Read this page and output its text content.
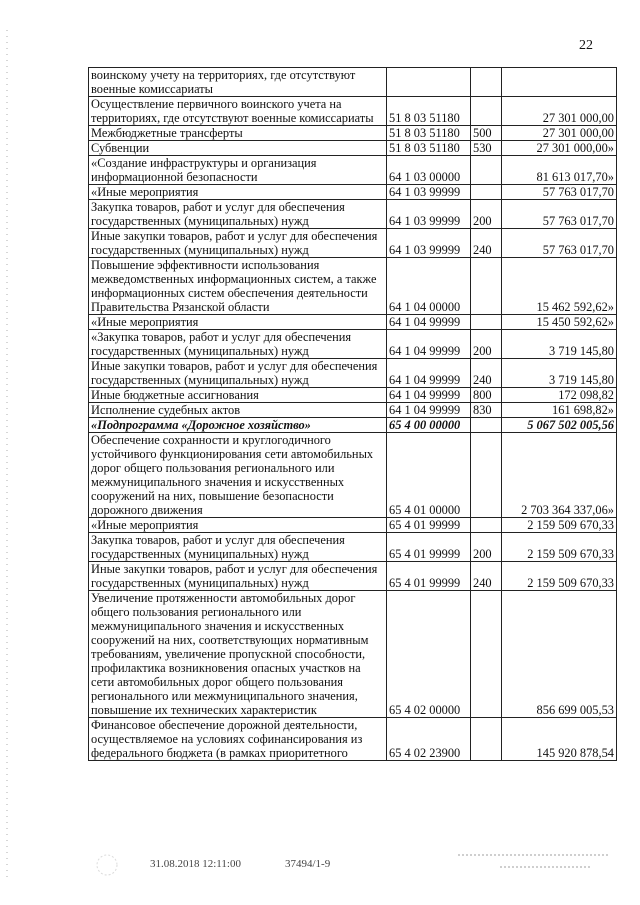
22
воинскому учету на территориях, где отсутствуют военные комиссариаты			
Осуществление первичного воинского учета на территориях, где отсутствуют военные комиссариаты	51 8 03 51180		27 301 000,00
Межбюджетные трансферты	51 8 03 51180	500	27 301 000,00
Субвенции	51 8 03 51180	530	27 301 000,00»
«Создание инфраструктуры и организация информационной безопасности	64 1 03 00000		81 613 017,70»
«Иные мероприятия	64 1 03 99999		57 763 017,70
Закупка товаров, работ и услуг для обеспечения государственных (муниципальных) нужд	64 1 03 99999	200	57 763 017,70
Иные закупки товаров, работ и услуг для обеспечения государственных (муниципальных) нужд	64 1 03 99999	240	57 763 017,70
Повышение эффективности использования межведомственных информационных систем, а также информационных систем обеспечения деятельности Правительства Рязанской области	64 1 04 00000		15 462 592,62»
«Иные мероприятия	64 1 04 99999		15 450 592,62»
«Закупка товаров, работ и услуг для обеспечения государственных (муниципальных) нужд	64 1 04 99999	200	3 719 145,80
Иные закупки товаров, работ и услуг для обеспечения государственных (муниципальных) нужд	64 1 04 99999	240	3 719 145,80
Иные бюджетные ассигнования	64 1 04 99999	800	172 098,82
Исполнение судебных актов	64 1 04 99999	830	161 698,82»
«Подпрограмма «Дорожное хозяйство»	65 4 00 00000		5 067 502 005,56
Обеспечение сохранности и круглогодичного устойчивого функционирования сети автомобильных дорог общего пользования регионального или межмуниципального значения и искусственных сооружений на них, повышение безопасности дорожного движения	65 4 01 00000		2 703 364 337,06»
«Иные мероприятия	65 4 01 99999		2 159 509 670,33
Закупка товаров, работ и услуг для обеспечения государственных (муниципальных) нужд	65 4 01 99999	200	2 159 509 670,33
Иные закупки товаров, работ и услуг для обеспечения государственных (муниципальных) нужд	65 4 01 99999	240	2 159 509 670,33
Увеличение протяженности автомобильных дорог общего пользования регионального или межмуниципального значения и искусственных сооружений на них, соответствующих нормативным требованиям, увеличение пропускной способности, профилактика возникновения опасных участков на сети автомобильных дорог общего пользования регионального или межмуниципального значения, повышение их технических характеристик	65 4 02 00000		856 699 005,53
Финансовое обеспечение дорожной деятельности, осуществляемое на условиях софинансирования из федерального бюджета (в рамках приоритетного	65 4 02 23900		145 920 878,54
31.08.2018 12:11:00	37494/1-9
